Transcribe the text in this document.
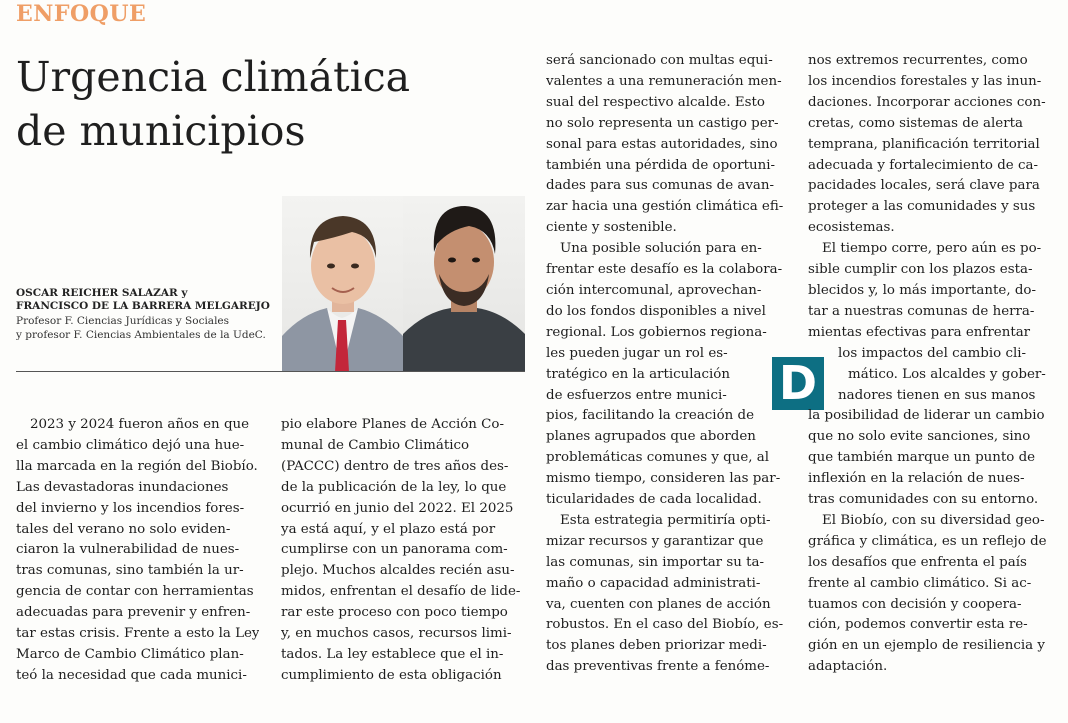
ENFOQUE
Urgencia climática
de municipios
OSCAR REICHER SALAZAR y
FRANCISCO DE LA BARRERA MELGAREJO
Profesor F. Ciencias Jurídicas y Sociales
y profesor F. Ciencias Ambientales de la UdeC.
2023 y 2024 fueron años en que
el cambio climático dejó una hue-
lla marcada en la región del Biobío.
Las devastadoras inundaciones
del invierno y los incendios fores-
tales del verano no solo eviden-
ciaron la vulnerabilidad de nues-
tras comunas, sino también la ur-
gencia de contar con herramientas
adecuadas para prevenir y enfren-
tar estas crisis. Frente a esto la Ley
Marco de Cambio Climático plan-
teó la necesidad que cada munici-
pio elabore Planes de Acción Co-
munal de Cambio Climático
(PACCC) dentro de tres años des-
de la publicación de la ley, lo que
ocurrió en junio del 2022. El 2025
ya está aquí, y el plazo está por
cumplirse con un panorama com-
plejo. Muchos alcaldes recién asu-
midos, enfrentan el desafío de lide-
rar este proceso con poco tiempo
y, en muchos casos, recursos limi-
tados. La ley establece que el in-
cumplimiento de esta obligación
será sancionado con multas equi-
valentes a una remuneración men-
sual del respectivo alcalde. Esto
no solo representa un castigo per-
sonal para estas autoridades, sino
también una pérdida de oportuni-
dades para sus comunas de avan-
zar hacia una gestión climática efi-
ciente y sostenible.
Una posible solución para en-
frentar este desafío es la colabora-
ción intercomunal, aprovechan-
do los fondos disponibles a nivel
regional. Los gobiernos regiona-
les pueden jugar un rol es-
tratégico en la articulación
de esfuerzos entre munici-
pios, facilitando la creación de
planes agrupados que aborden
problemáticas comunes y que, al
mismo tiempo, consideren las par-
ticularidades de cada localidad.
Esta estrategia permitiría opti-
mizar recursos y garantizar que
las comunas, sin importar su ta-
maño o capacidad administrati-
va, cuenten con planes de acción
robustos. En el caso del Biobío, es-
tos planes deben priorizar medi-
das preventivas frente a fenóme-
D
nos extremos recurrentes, como
los incendios forestales y las inun-
daciones. Incorporar acciones con-
cretas, como sistemas de alerta
temprana, planificación territorial
adecuada y fortalecimiento de ca-
pacidades locales, será clave para
proteger a las comunidades y sus
ecosistemas.
El tiempo corre, pero aún es po-
sible cumplir con los plazos esta-
blecidos y, lo más importante, do-
tar a nuestras comunas de herra-
mientas efectivas para enfrentar
los impactos del cambio cli-
mático. Los alcaldes y gober-
nadores tienen en sus manos
la posibilidad de liderar un cambio
que no solo evite sanciones, sino
que también marque un punto de
inflexión en la relación de nues-
tras comunidades con su entorno.
El Biobío, con su diversidad geo-
gráfica y climática, es un reflejo de
los desafíos que enfrenta el país
frente al cambio climático. Si ac-
tuamos con decisión y coopera-
ción, podemos convertir esta re-
gión en un ejemplo de resiliencia y
adaptación.
